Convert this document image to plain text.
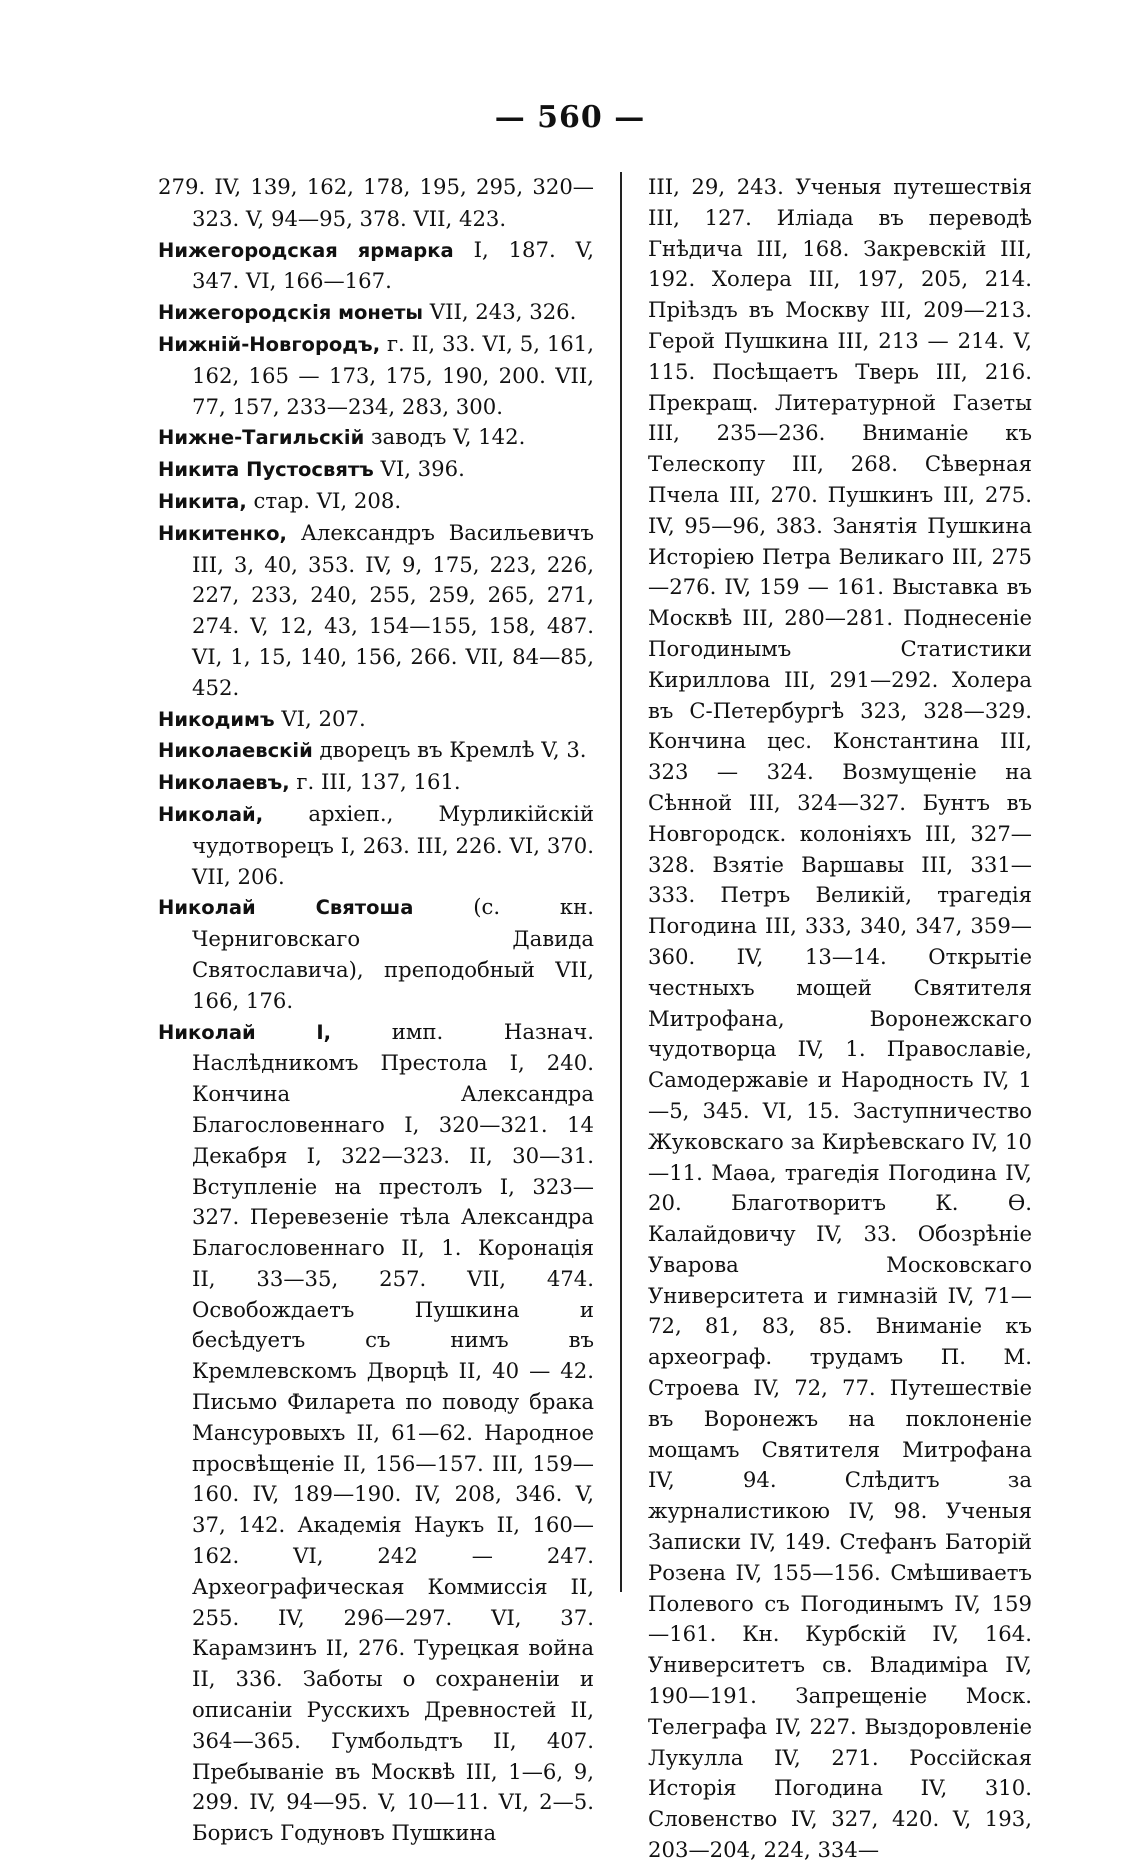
— 560 —

279. IV, 139, 162, 178, 195, 295, 320—323. V, 94—95, 378. VII, 423.

Нижегородская ярмарка I, 187. V, 347. VI, 166—167.

Нижегородскія монеты VII, 243, 326.

Нижній-Новгородъ, г. II, 33. VI, 5, 161, 162, 165 — 173, 175, 190, 200. VII, 77, 157, 233—234, 283, 300.

Нижне-Тагильскій заводъ V, 142.

Никита Пустосвятъ VI, 396.

Никита, стар. VI, 208.

Никитенко, Александръ Васильевичъ III, 3, 40, 353. IV, 9, 175, 223, 226, 227, 233, 240, 255, 259, 265, 271, 274. V, 12, 43, 154—155, 158, 487. VI, 1, 15, 140, 156, 266. VII, 84—85, 452.

Никодимъ VI, 207.

Николаевскій дворецъ въ Кремлѣ V, 3.

Николаевъ, г. III, 137, 161.

Николай, архіеп., Мурликійскій чудотворецъ I, 263. III, 226. VI, 370. VII, 206.

Николай Святоша (с. кн. Черниговскаго Давида Святославича), преподобный VII, 166, 176.

Николай I, имп. Назнач. Наслѣдникомъ Престола I, 240. Кончина Александра Благословеннаго I, 320—321. 14 Декабря I, 322—323. II, 30—31. Вступленіе на престолъ I, 323—327. Перевезеніе тѣла Александра Благословеннаго II, 1. Коронація II, 33—35, 257. VII, 474. Освобождаетъ Пушкина и бесѣдуетъ съ нимъ въ Кремлевскомъ Дворцѣ II, 40 — 42. Письмо Филарета по поводу брака Мансуровыхъ II, 61—62. Народное просвѣщеніе II, 156—157. III, 159—160. IV, 189—190. IV, 208, 346. V, 37, 142. Академія Наукъ II, 160—162. VI, 242 — 247. Археографическая Коммиссія II, 255. IV, 296—297. VI, 37. Карамзинъ II, 276. Турецкая война II, 336. Заботы о сохраненіи и описаніи Русскихъ Древностей II, 364—365. Гумбольдтъ II, 407. Пребываніе въ Москвѣ III, 1—6, 9, 299. IV, 94—95. V, 10—11. VI, 2—5. Борисъ Годуновъ Пушкина

III, 29, 243. Ученыя путешествія III, 127. Иліада въ переводѣ Гнѣдича III, 168. Закревскій III, 192. Холера III, 197, 205, 214. Пріѣздъ въ Москву III, 209—213. Герой Пушкина III, 213 — 214. V, 115. Посѣщаетъ Тверь III, 216. Прекращ. Литературной Газеты III, 235—236. Вниманіе къ Телескопу III, 268. Сѣверная Пчела III, 270. Пушкинъ III, 275. IV, 95—96, 383. Занятія Пушкина Исторіею Петра Великаго III, 275—276. IV, 159 — 161. Выставка въ Москвѣ III, 280—281. Поднесеніе Погодинымъ Статистики Кириллова III, 291—292. Холера въ С-Петербургѣ 323, 328—329. Кончина цес. Константина III, 323 — 324. Возмущеніе на Сѣнной III, 324—327. Бунтъ въ Новгородск. колоніяхъ III, 327—328. Взятіе Варшавы III, 331—333. Петръ Великій, трагедія Погодина III, 333, 340, 347, 359—360. IV, 13—14. Открытіе честныхъ мощей Святителя Митрофана, Воронежскаго чудотворца IV, 1. Православіе, Самодержавіе и Народность IV, 1—5, 345. VI, 15. Заступничество Жуковскаго за Кирѣевскаго IV, 10—11. Маѳа, трагедія Погодина IV, 20. Благотворитъ К. Ѳ. Калайдовичу IV, 33. Обозрѣніе Уварова Московскаго Университета и гимназій IV, 71—72, 81, 83, 85. Вниманіе къ археограф. трудамъ П. М. Строева IV, 72, 77. Путешествіе въ Воронежъ на поклоненіе мощамъ Святителя Митрофана IV, 94. Слѣдитъ за журналистикою IV, 98. Ученыя Записки IV, 149. Стефанъ Баторій Розена IV, 155—156. Смѣшиваетъ Полевого съ Погодинымъ IV, 159—161. Кн. Курбскій IV, 164. Университетъ св. Владиміра IV, 190—191. Запрещеніе Моск. Телеграфа IV, 227. Выздоровленіе Лукулла IV, 271. Россійская Исторія Погодина IV, 310. Словенство IV, 327, 420. V, 193, 203—204, 224, 334—
